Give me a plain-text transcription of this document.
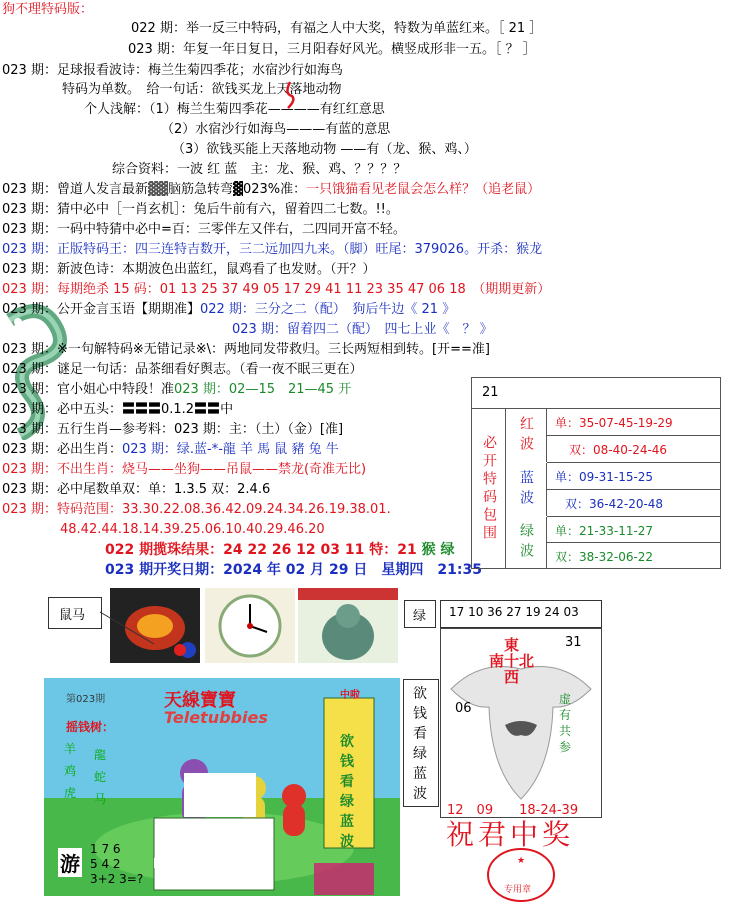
狗不理特码版：
022 期：举一反三中特码，有福之人中大奖，特数为单蓝红来。［ 21 ］
023 期：年复一年日复日，三月阳春好风光。横竖成形非一五。［ ？ ］
023 期：足球报看波诗：梅兰生菊四季花；水宿沙行如海鸟
特码为单数。　给一句话：欲钱买龙上天落地动物
个人浅解：（1）梅兰生菊四季花————有红红意思
（2）水宿沙行如海鸟———有蓝的意思
（3）欲钱买能上天落地动物 ——有（龙、猴、鸡、）
综合资料：一波 红 蓝　主：龙、猴、鸡、？？？？
023 期：曾道人发言最新▓▓脑筋急转弯▓023%准：一只饿猫看见老鼠会怎么样？（追老鼠）
023 期：猜中必中［一肖玄机］：兔后牛前有六，留着四二七数。!!。
023 期：一码中特猜中必中=百：三零伴左又伴右，二四同开富不轻。
023 期：正版特码王：四三连特吉数开，三二远加四九来。（脚）旺尾：379026。开杀：猴龙
023 期：新波色诗：本期波色出蓝红，鼠鸡看了也发财。（开？）
023 期：每期绝杀 15 码：01 13 25 37 49 05 17 29 41 11 23 35 47 06 18　（期期更新）
023 期：公开金言玉语【期期准】022 期：三分之二（配）　狗后牛边《 21 》
023 期：留着四二（配）　四七上业《　？ 》
023 期：※一句解特码※无错记录※\：两地同发带救归。三长两短相到转。[开==准]
023 期：谜足一句话：品茶细看好舆志。（看一夜不眠三更在）
023 期：官小姐心中特段！准023 期：02—15　21—45 开
023 期：必中五头：〓〓〓0.1.2〓〓中
023 期：五行生肖—参考料：023 期：主：（土）（金）[准]
023 期：必出生肖：023 期：绿.蓝-*-龍 羊 馬 鼠 豬 兔 牛
023 期：不出生肖：烧马——坐狗——吊鼠——禁龙(奇准无比)
023 期：必中尾数单双：单：1.3.5 双：2.4.6
023 期：特码范围：33.30.22.08.36.42.09.24.34.26.19.38.01.
48.42.44.18.14.39.25.06.10.40.29.46.20
022 期揽珠结果：24 22 26 12 03 11 特：21 猴 绿
023 期开奖日期：2024 年 02 月 29 日　星期四　21:35
21
必开特码包围	红波
蓝波
绿波
单：35-07-45-19-29
双：08-40-24-46
单：09-31-15-25
双：36-42-20-48
单：21-33-11-27
双：38-32-06-22
鼠马	绿 17 10 36 27 19 24 03
東
南十北
西
31
06
虚有共参
12　09　　18-24-39
祝君中奖
★
专用章
天線寶寶
Teletubbies
第023期
摇钱树：
羊 鸡 虎
龍 蛇 马
中啦
欲钱看绿蓝波
游
1 7 6
5 4 2
3+2 3=?
欲钱看绿蓝波
